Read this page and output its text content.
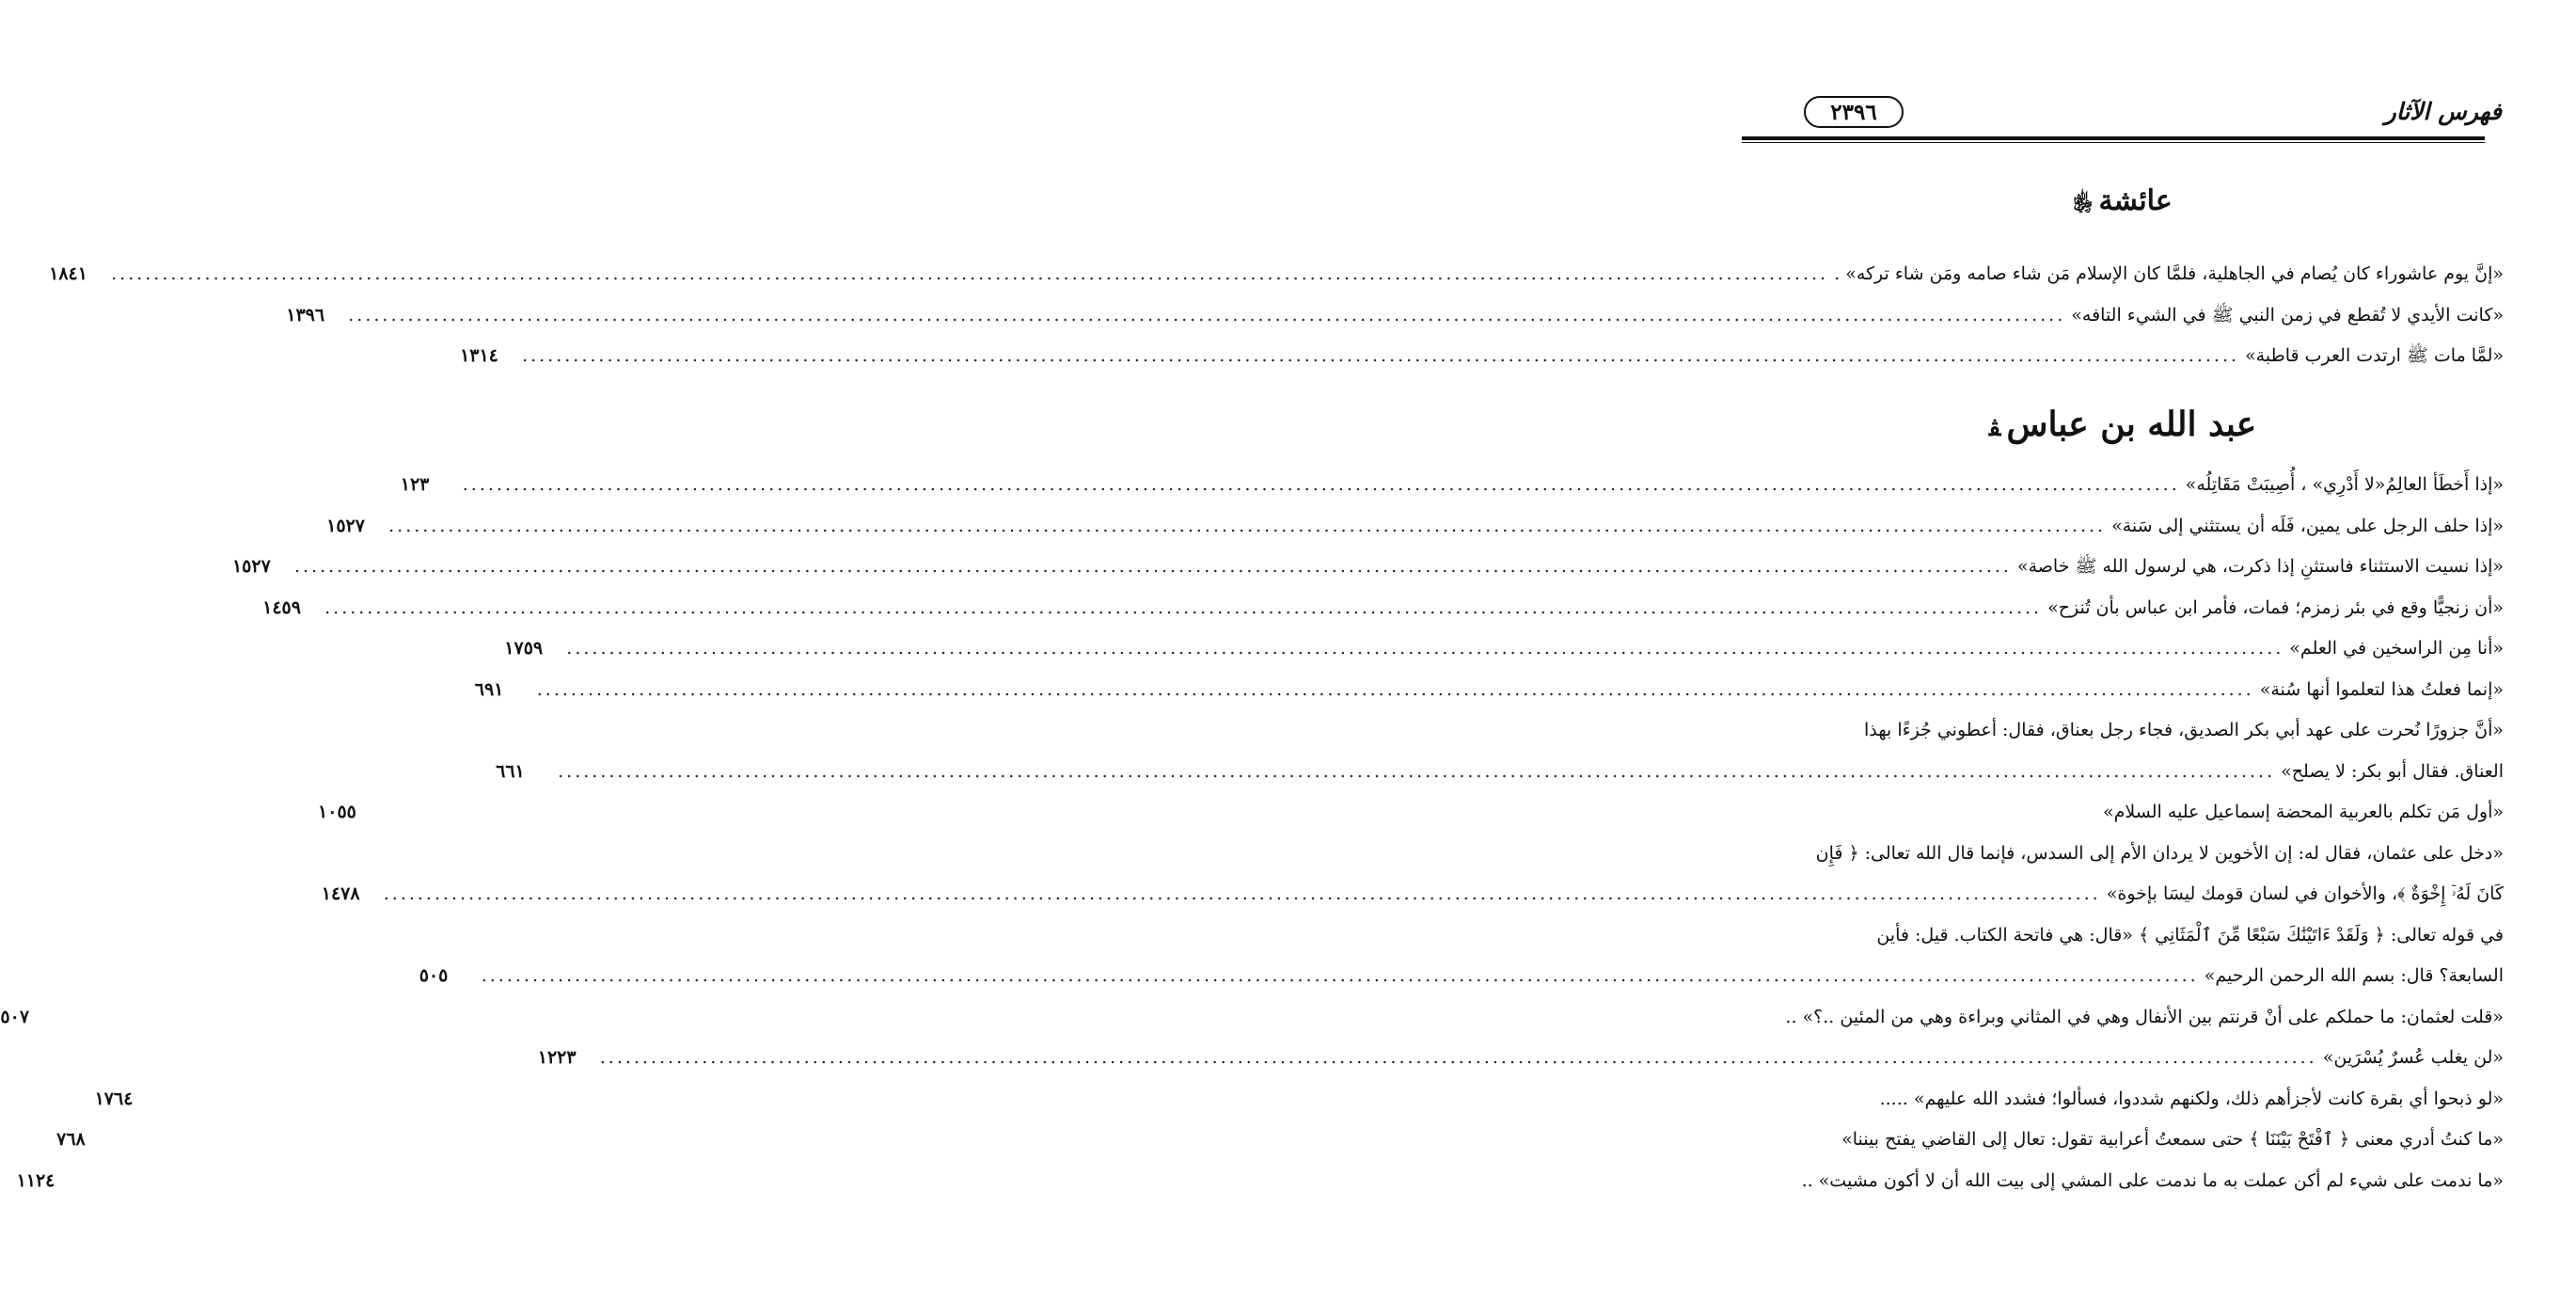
فهرس الآثار
٢٣٩٦
عائشة﵂
«إنَّ يوم عاشوراء كان يُصام في الجاهلية، فلمَّا كان الإسلام مَن شاء صامه ومَن شاء تركه» .
.....
١٨٤١
«كانت الأيدي لا تُقطع في زمن النبي ﷺ في الشيء التافه»
.....
١٣٩٦
«لمَّا مات ﷺ ارتدت العرب قاطبة»
.....
١٣١٤
عبد الله بن عباسﭭ
«إذا أَخطَأ العالِمُ«لا أَدْرِي» ، أُصِيبَتْ مَقَاتِلُه»
.....
١٢٣
«إذا حلف الرجل على يمين، فَلَه أن يستثني إلى سَنة»
.....
١٥٢٧
«إذا نسيت الاستثناء فاستثنِ إذا ذكرت، هي لرسول الله ﷺ خاصة»
.....
١٥٢٧
«أن زنجيًّا وقع في بئر زمزم؛ فمات، فأمر ابن عباس بأن تُنزح»
.....
١٤٥٩
«أنا مِن الراسخين في العلم»
.....
١٧٥٩
«إنما فعلتُ هذا لتعلموا أنها سُنة»
.....
٦٩١
«أنَّ جزورًا نُحرت على عهد أبي بكر الصديق، فجاء رجل بعناق، فقال: أعطوني جُزءًا بهذا
العناق. فقال أبو بكر: لا يصلح»
.....
٦٦١
«أول مَن تكلم بالعربية المحضة إسماعيل عليه السلام»
١٠٥٥
«دخل على عثمان، فقال له: إن الأخوين لا يردان الأم إلى السدس، فإنما قال الله تعالى: ﴿ فَإِن
كَانَ لَهُۥٓ إِخْوَةٌ ﴾، والأخوان في لسان قومك ليسَا بإخوة»
.....
١٤٧٨
في قوله تعالى: ﴿ وَلَقَدْ ءَاتَيْنَٰكَ سَبْعًا مِّنَ ٱلْمَثَانِي ﴾ «قال: هي فاتحة الكتاب. قيل: فأين
السابعة؟ قال: بسم الله الرحمن الرحيم»
.....
٥٠٥
«قلت لعثمان: ما حملكم على أنْ قرنتم بين الأنفال وهي في المثاني وبراءة وهي من المئين ..؟» ..
٥٠٧
«لن يغلب عُسرٌ يُسْرَين»
.....
١٢٢٣
«لو ذبحوا أي بقرة كانت لأجزأهم ذلك، ولكنهم شددوا، فسألوا؛ فشدد الله عليهم» .....
١٧٦٤
«ما كنتُ أدري معنى ﴿ ٱفْتَحْ بَيْنَنَا ﴾ حتى سمعتُ أعرابية تقول: تعال إلى القاضي يفتح بيننا»
٧٦٨
«ما ندمت على شيء لم أكن عملت به ما ندمت على المشي إلى بيت الله أن لا أكون مشيت» ..
١١٢٤
